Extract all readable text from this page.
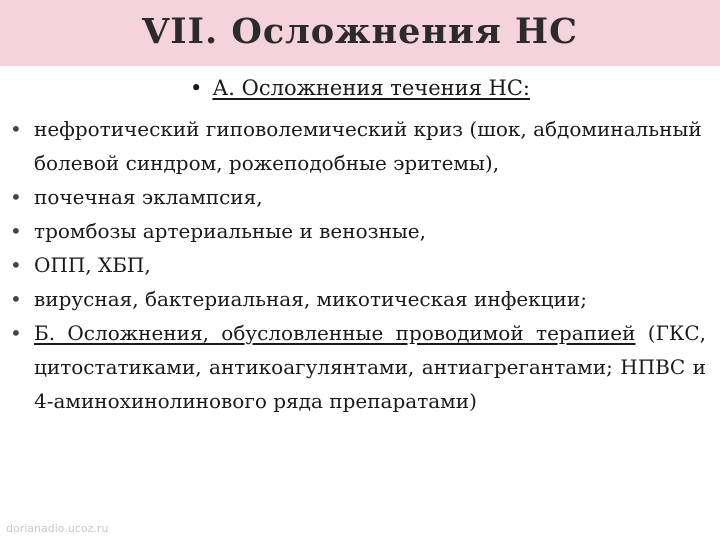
VII. Осложнения НС
• А. Осложнения течения НС:
• нефротический гиповолемический криз (шок, абдоминальный болевой синдром, рожеподобные эритемы),
• почечная эклампсия,
• тромбозы артериальные и венозные,
• ОПП, ХБП,
• вирусная, бактериальная, микотическая инфекции;
• Б. Осложнения, обусловленные проводимой терапией (ГКС, цитостатиками, антикоагулянтами, антиагрегантами; НПВС и 4-аминохинолинового ряда препаратами)
dorianadio.ucoz.ru
